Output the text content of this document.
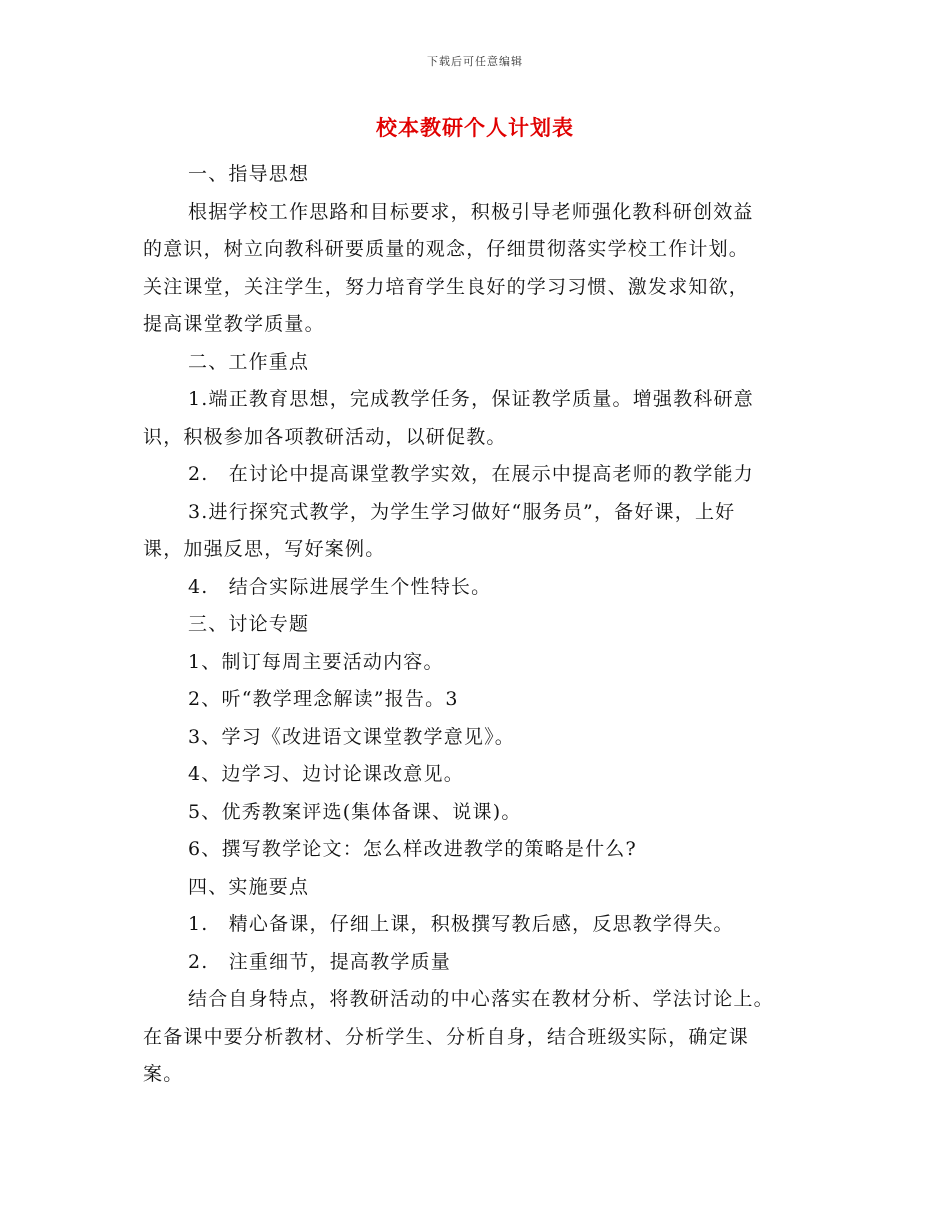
下载后可任意编辑
校本教研个人计划表
一、指导思想
根据学校工作思路和目标要求，积极引导老师强化教科研创效益
的意识，树立向教科研要质量的观念，仔细贯彻落实学校工作计划。
关注课堂，关注学生，努力培育学生良好的学习习惯、激发求知欲，
提高课堂教学质量。
二、工作重点
1.端正教育思想，完成教学任务，保证教学质量。增强教科研意
识，积极参加各项教研活动，以研促教。
2.　在讨论中提高课堂教学实效，在展示中提高老师的教学能力
3.进行探究式教学，为学生学习做好“服务员”，备好课，上好
课，加强反思，写好案例。
4.　结合实际进展学生个性特长。
三、讨论专题
1、制订每周主要活动内容。
2、听“教学理念解读”报告。3
3、学习《改进语文课堂教学意见》。
4、边学习、边讨论课改意见。
5、优秀教案评选(集体备课、说课)。
6、撰写教学论文：怎么样改进教学的策略是什么?
四、实施要点
1.　精心备课，仔细上课，积极撰写教后感，反思教学得失。
2.　注重细节，提高教学质量
结合自身特点，将教研活动的中心落实在教材分析、学法讨论上。
在备课中要分析教材、分析学生、分析自身，结合班级实际，确定课
案。
